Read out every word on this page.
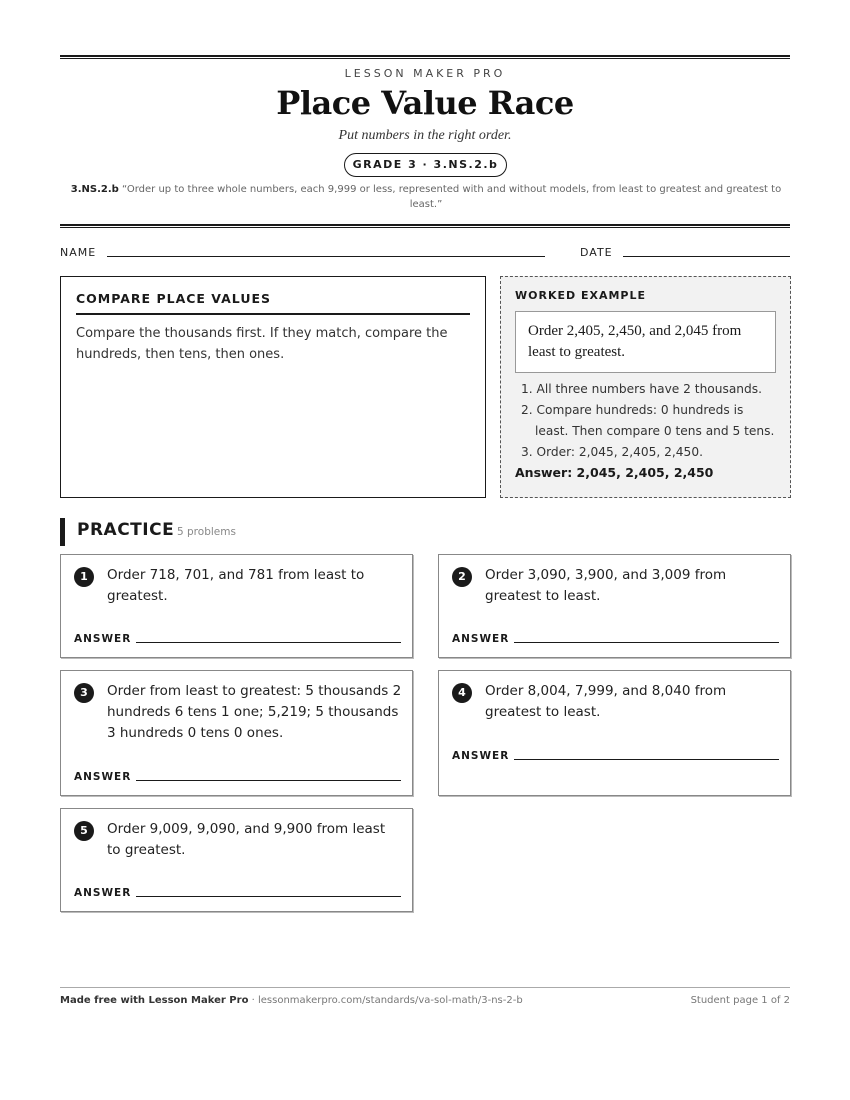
LESSON MAKER PRO
Place Value Race
Put numbers in the right order.
GRADE 3 · 3.NS.2.b
3.NS.2.b “Order up to three whole numbers, each 9,999 or less, represented with and without models, from least to greatest and greatest to least.”
NAME	DATE
COMPARE PLACE VALUES
Compare the thousands first. If they match, compare the hundreds, then tens, then ones.
WORKED EXAMPLE
Order 2,405, 2,450, and 2,045 from least to greatest.
1. All three numbers have 2 thousands.
2. Compare hundreds: 0 hundreds is least. Then compare 0 tens and 5 tens.
3. Order: 2,045, 2,405, 2,450.
Answer: 2,045, 2,405, 2,450
PRACTICE 5 problems
1	Order 718, 701, and 781 from least to greatest.
ANSWER
2	Order 3,090, 3,900, and 3,009 from greatest to least.
ANSWER
3	Order from least to greatest: 5 thousands 2 hundreds 6 tens 1 one; 5,219; 5 thousands 3 hundreds 0 tens 0 ones.
ANSWER
4	Order 8,004, 7,999, and 8,040 from greatest to least.
ANSWER
5	Order 9,009, 9,090, and 9,900 from least to greatest.
ANSWER
Made free with Lesson Maker Pro · lessonmakerpro.com/standards/va-sol-math/3-ns-2-b	Student page 1 of 2
